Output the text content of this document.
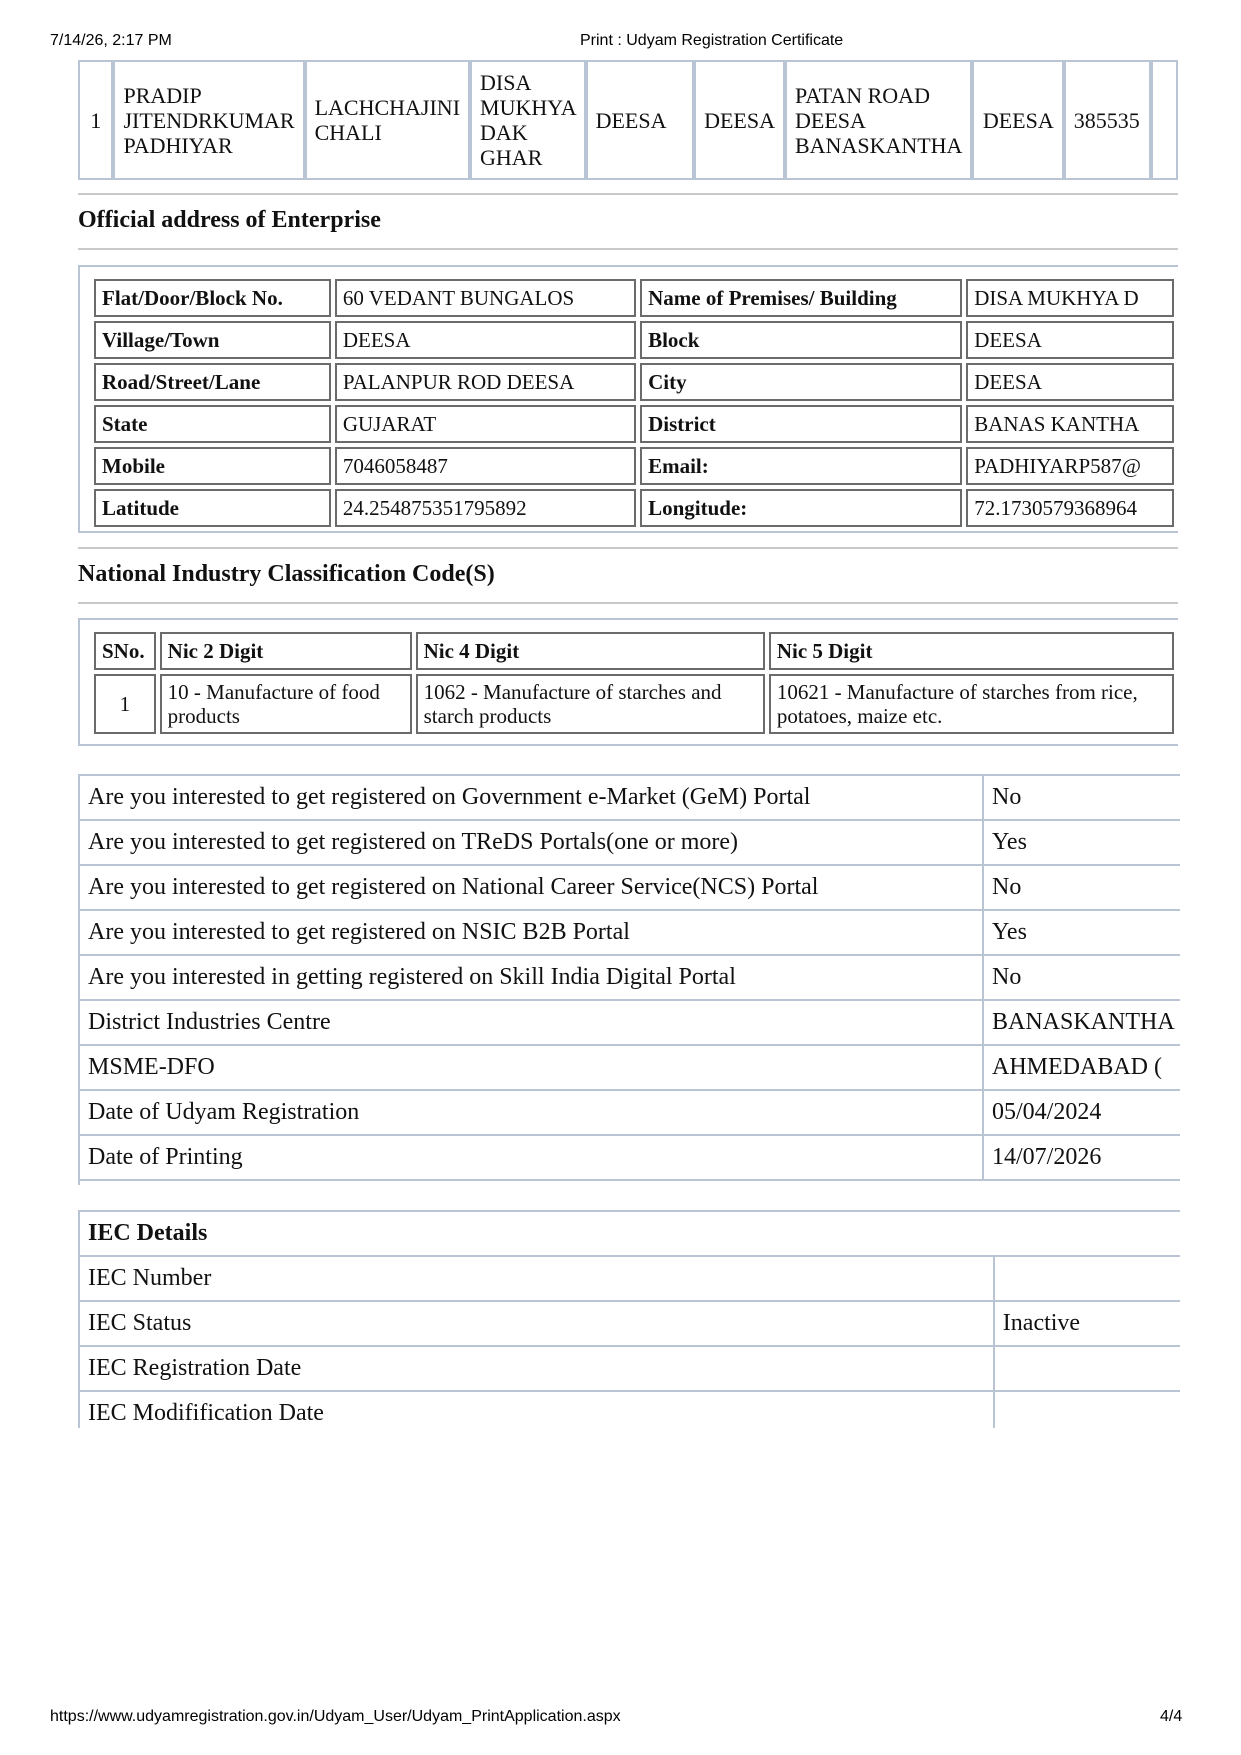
7/14/26, 2:17 PM	Print : Udyam Registration Certificate
1	PRADIP JITENDRKUMAR PADHIYAR	LACHCHAJINI CHALI	DISA MUKHYA DAK GHAR	DEESA	DEESA	PATAN ROAD DEESA BANASKANTHA	DEESA	385535	
Official address of Enterprise
Flat/Door/Block No.	60 VEDANT BUNGALOS	Name of Premises/ Building	DISA MUKHYA D
Village/Town	DEESA	Block	DEESA
Road/Street/Lane	PALANPUR ROD DEESA	City	DEESA
State	GUJARAT	District	BANAS KANTHA
Mobile	7046058487	Email:	PADHIYARP587@
Latitude	24.254875351795892	Longitude:	72.1730579368964
National Industry Classification Code(S)
SNo.	Nic 2 Digit	Nic 4 Digit	Nic 5 Digit
1	10 - Manufacture of food products	1062 - Manufacture of starches and starch products	10621 - Manufacture of starches from rice, potatoes, maize etc.
Are you interested to get registered on Government e-Market (GeM) Portal	No
Are you interested to get registered on TReDS Portals(one or more)	Yes
Are you interested to get registered on National Career Service(NCS) Portal	No
Are you interested to get registered on NSIC B2B Portal	Yes
Are you interested in getting registered on Skill India Digital Portal	No
District Industries Centre	BANASKANTHA
MSME-DFO	AHMEDABAD (
Date of Udyam Registration	05/04/2024
Date of Printing	14/07/2026
IEC Details	
IEC Number	
IEC Status	Inactive
IEC Registration Date	
IEC Modifification Date	
https://www.udyamregistration.gov.in/Udyam_User/Udyam_PrintApplication.aspx	4/4
